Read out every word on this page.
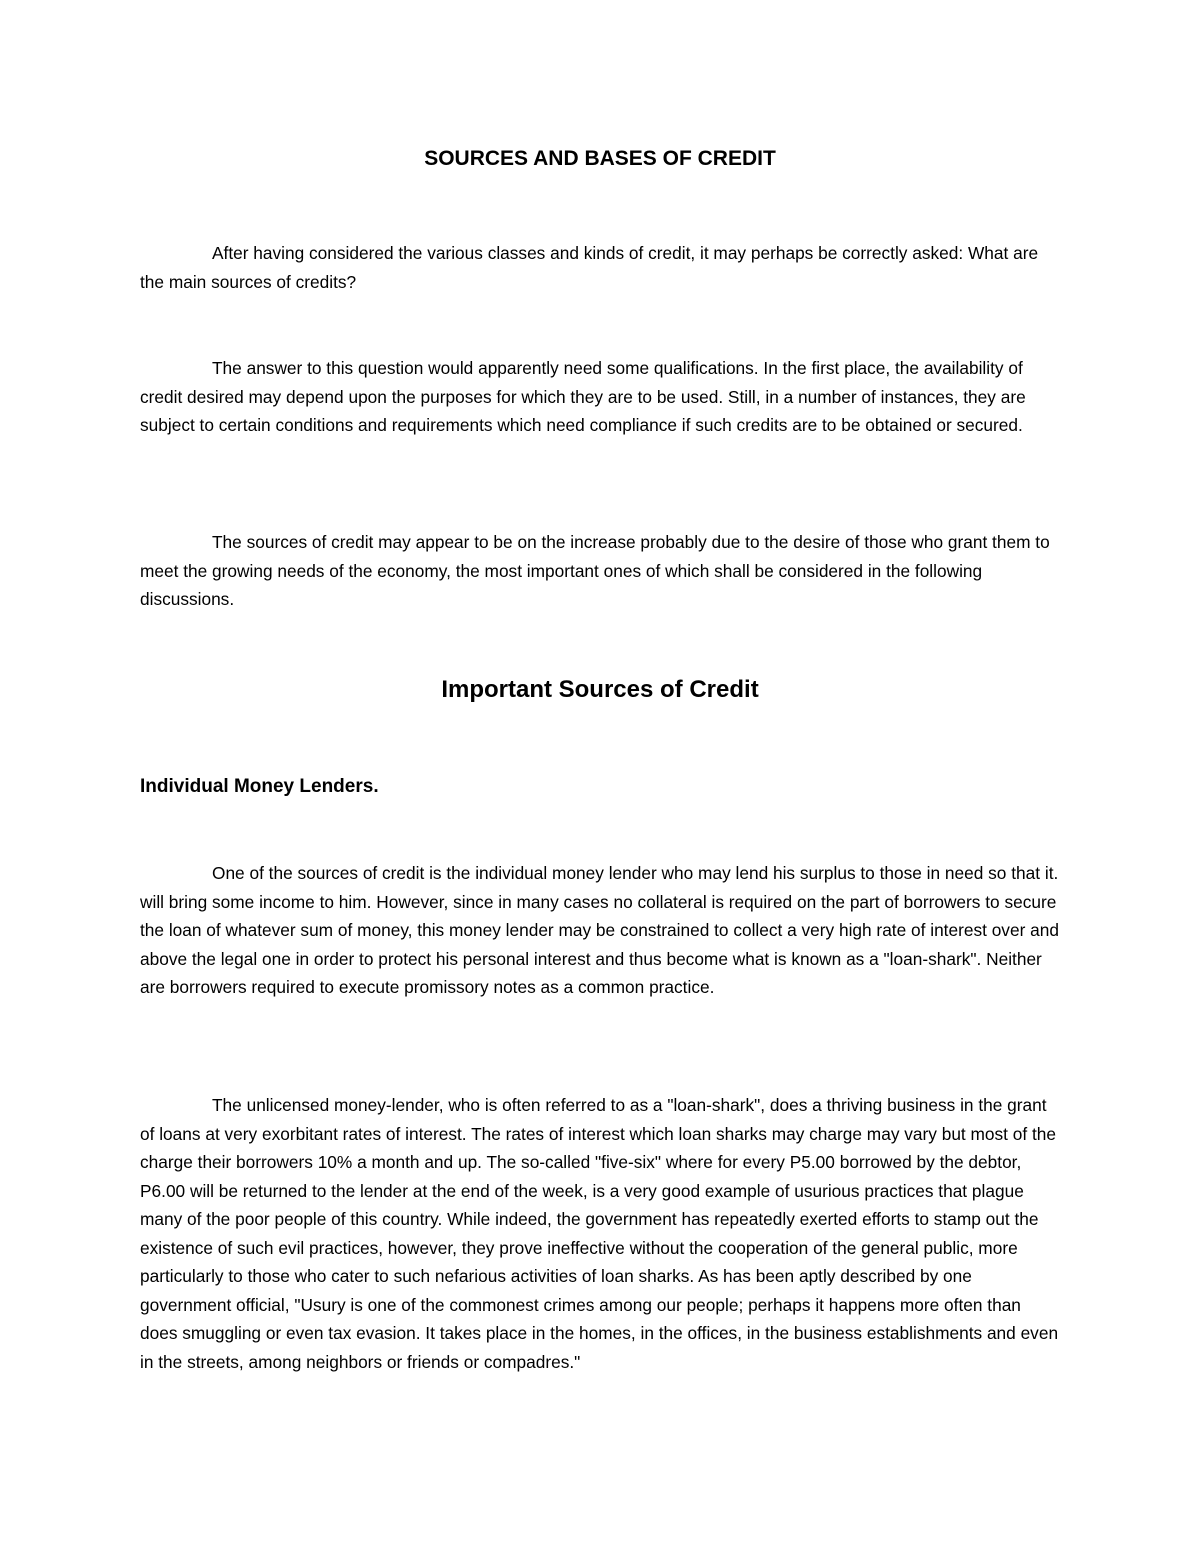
SOURCES AND BASES OF CREDIT

After having considered the various classes and kinds of credit, it may perhaps be correctly asked: What are the main sources of credits?

The answer to this question would apparently need some qualifications. In the first place, the availability of credit desired may depend upon the purposes for which they are to be used. Still, in a number of instances, they are subject to certain conditions and requirements which need compliance if such credits are to be obtained or secured.

The sources of credit may appear to be on the increase probably due to the desire of those who grant them to meet the growing needs of the economy, the most important ones of which shall be considered in the following discussions.

Important Sources of Credit
Individual Money Lenders.

One of the sources of credit is the individual money lender who may lend his surplus to those in need so that it. will bring some income to him. However, since in many cases no collateral is required on the part of borrowers to secure the loan of whatever sum of money, this money lender may be constrained to collect a very high rate of interest over and above the legal one in order to protect his personal interest and thus become what is known as a "loan-shark". Neither are borrowers required to execute promissory notes as a common practice.

The unlicensed money-lender, who is often referred to as a "loan-shark", does a thriving business in the grant of loans at very exorbitant rates of interest. The rates of interest which loan sharks may charge may vary but most of the charge their borrowers 10% a month and up. The so-called "five-six" where for every P5.00 borrowed by the debtor, P6.00 will be returned to the lender at the end of the week, is a very good example of usurious practices that plague many of the poor people of this country. While indeed, the government has repeatedly exerted efforts to stamp out the existence of such evil practices, however, they prove ineffective without the cooperation of the general public, more particularly to those who cater to such nefarious activities of loan sharks. As has been aptly described by one government official, "Usury is one of the commonest crimes among our people; perhaps it happens more often than does smuggling or even tax evasion. It takes place in the homes, in the offices, in the business establishments and even in the streets, among neighbors or friends or compadres."
